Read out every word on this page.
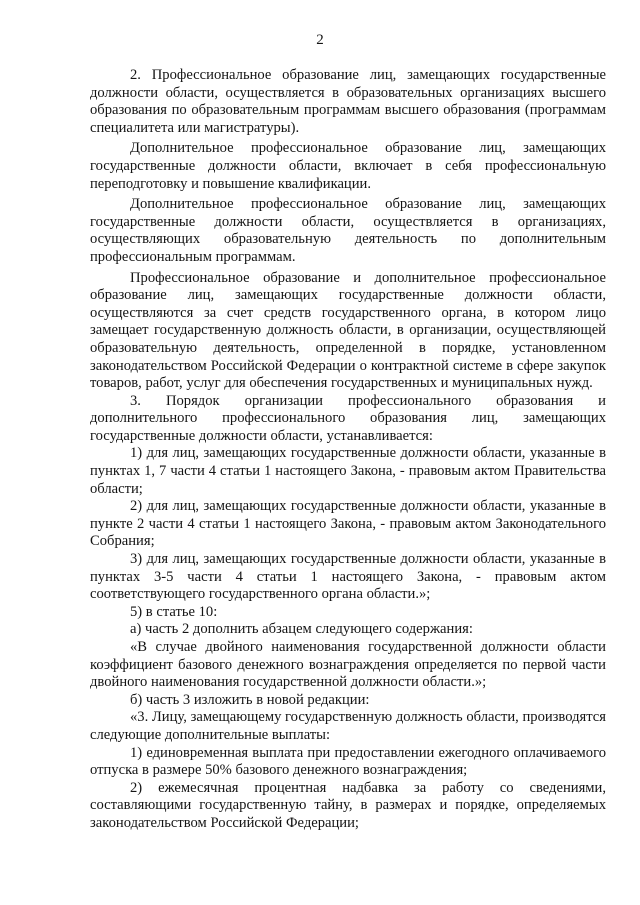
2

2. Профессиональное образование лиц, замещающих государственные должности области, осуществляется в образовательных организациях высшего образования по образовательным программам высшего образования (программам специалитета или магистратуры).

Дополнительное профессиональное образование лиц, замещающих государственные должности области, включает в себя профессиональную переподготовку и повышение квалификации.

Дополнительное профессиональное образование лиц, замещающих государственные должности области, осуществляется в организациях, осуществляющих образовательную деятельность по дополнительным профессиональным программам.

Профессиональное образование и дополнительное профессиональное образование лиц, замещающих государственные должности области, осуществляются за счет средств государственного органа, в котором лицо замещает государственную должность области, в организации, осуществляющей образовательную деятельность, определенной в порядке, установленном законодательством Российской Федерации о контрактной системе в сфере закупок товаров, работ, услуг для обеспечения государственных и муниципальных нужд.

3. Порядок организации профессионального образования и дополнительного профессионального образования лиц, замещающих государственные должности области, устанавливается:

1) для лиц, замещающих государственные должности области, указанные в пунктах 1, 7 части 4 статьи 1 настоящего Закона, - правовым актом Правительства области;

2) для лиц, замещающих государственные должности области, указанные в пункте 2 части 4 статьи 1 настоящего Закона, - правовым актом Законодательного Собрания;

3) для лиц, замещающих государственные должности области, указанные в пунктах 3-5 части 4 статьи 1 настоящего Закона, - правовым актом соответствующего государственного органа области.»;

5) в статье 10:

а) часть 2 дополнить абзацем следующего содержания:

«В случае двойного наименования государственной должности области коэффициент базового денежного вознаграждения определяется по первой части двойного наименования государственной должности области.»;

б) часть 3 изложить в новой редакции:

«3. Лицу, замещающему государственную должность области, производятся следующие дополнительные выплаты:

1) единовременная выплата при предоставлении ежегодного оплачиваемого отпуска в размере 50% базового денежного вознаграждения;

2) ежемесячная процентная надбавка за работу со сведениями, составляющими государственную тайну, в размерах и порядке, определяемых законодательством Российской Федерации;
